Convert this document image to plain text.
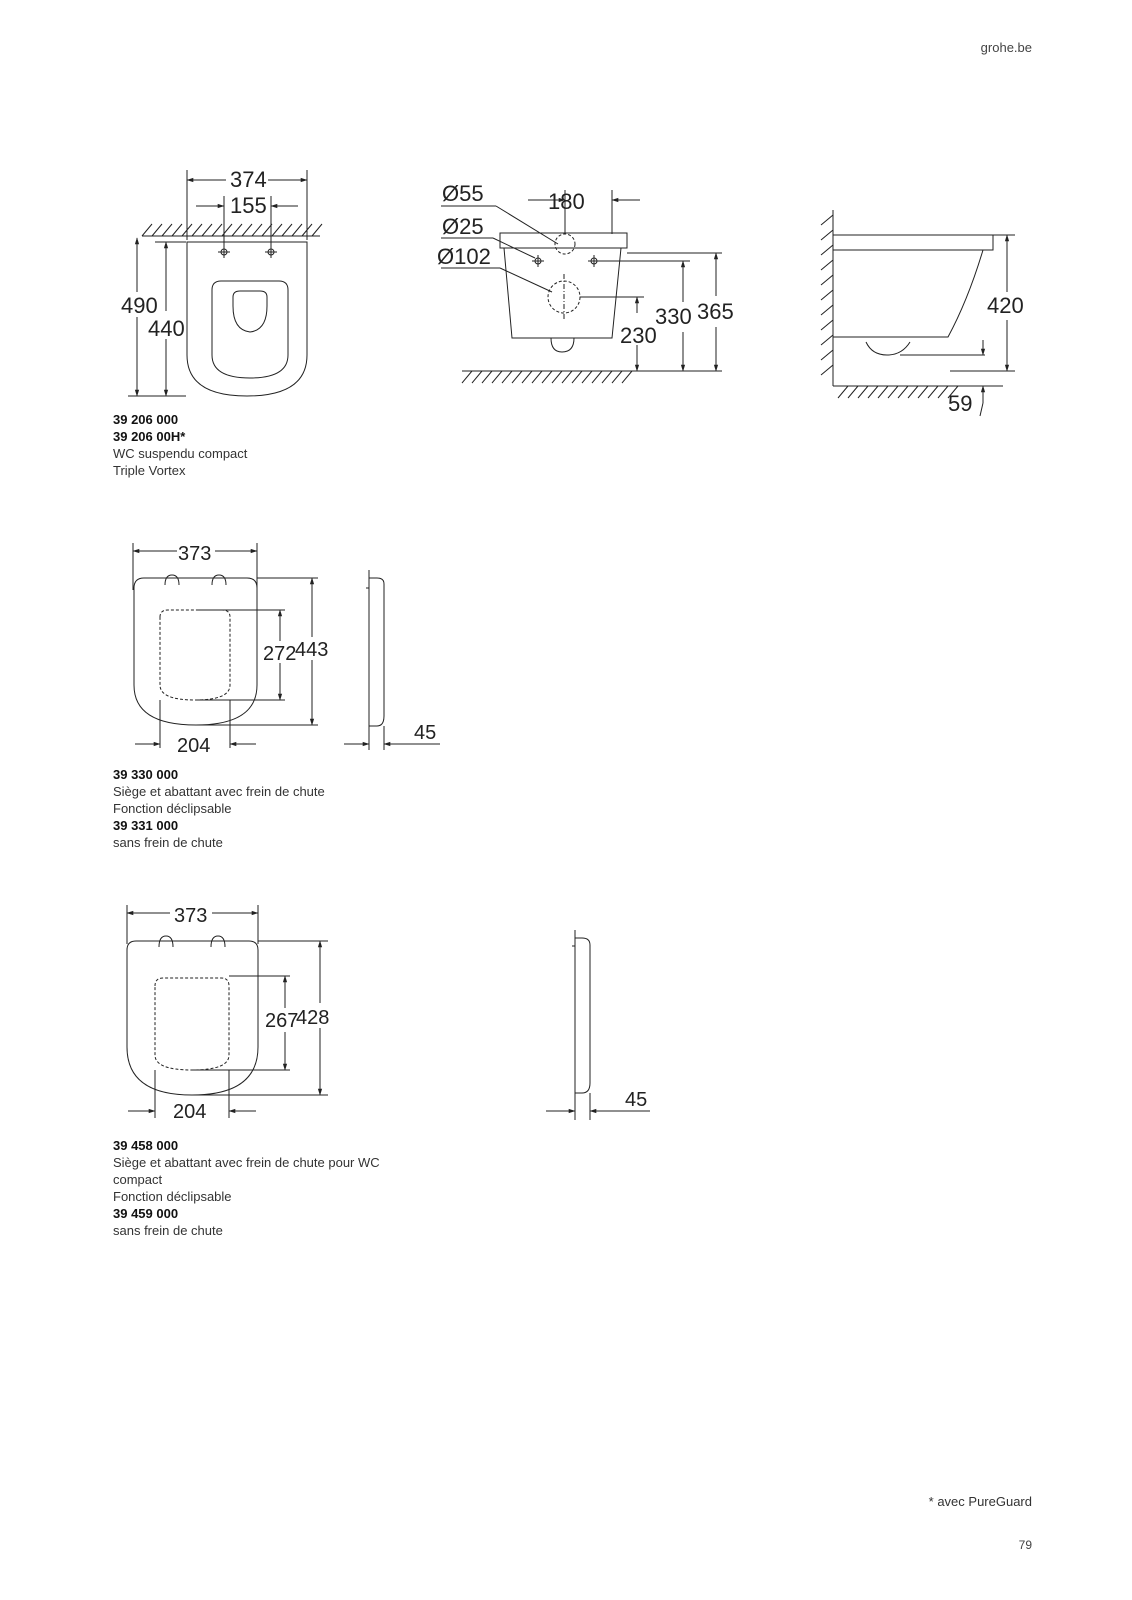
grohe.be
374
155
490
440
Ø55
Ø25
Ø102
180
230
330 365	420
59
373
272
443
204
45
373
267
428
204
45
39 206 000
39 206 00H*
WC suspendu compact
Triple Vortex
39 330 000
Siège et abattant avec frein de chute
Fonction déclipsable
39 331 000
sans frein de chute
39 458 000
Siège et abattant avec frein de chute pour WC compact
Fonction déclipsable
39 459 000
sans frein de chute
* avec PureGuard
79
